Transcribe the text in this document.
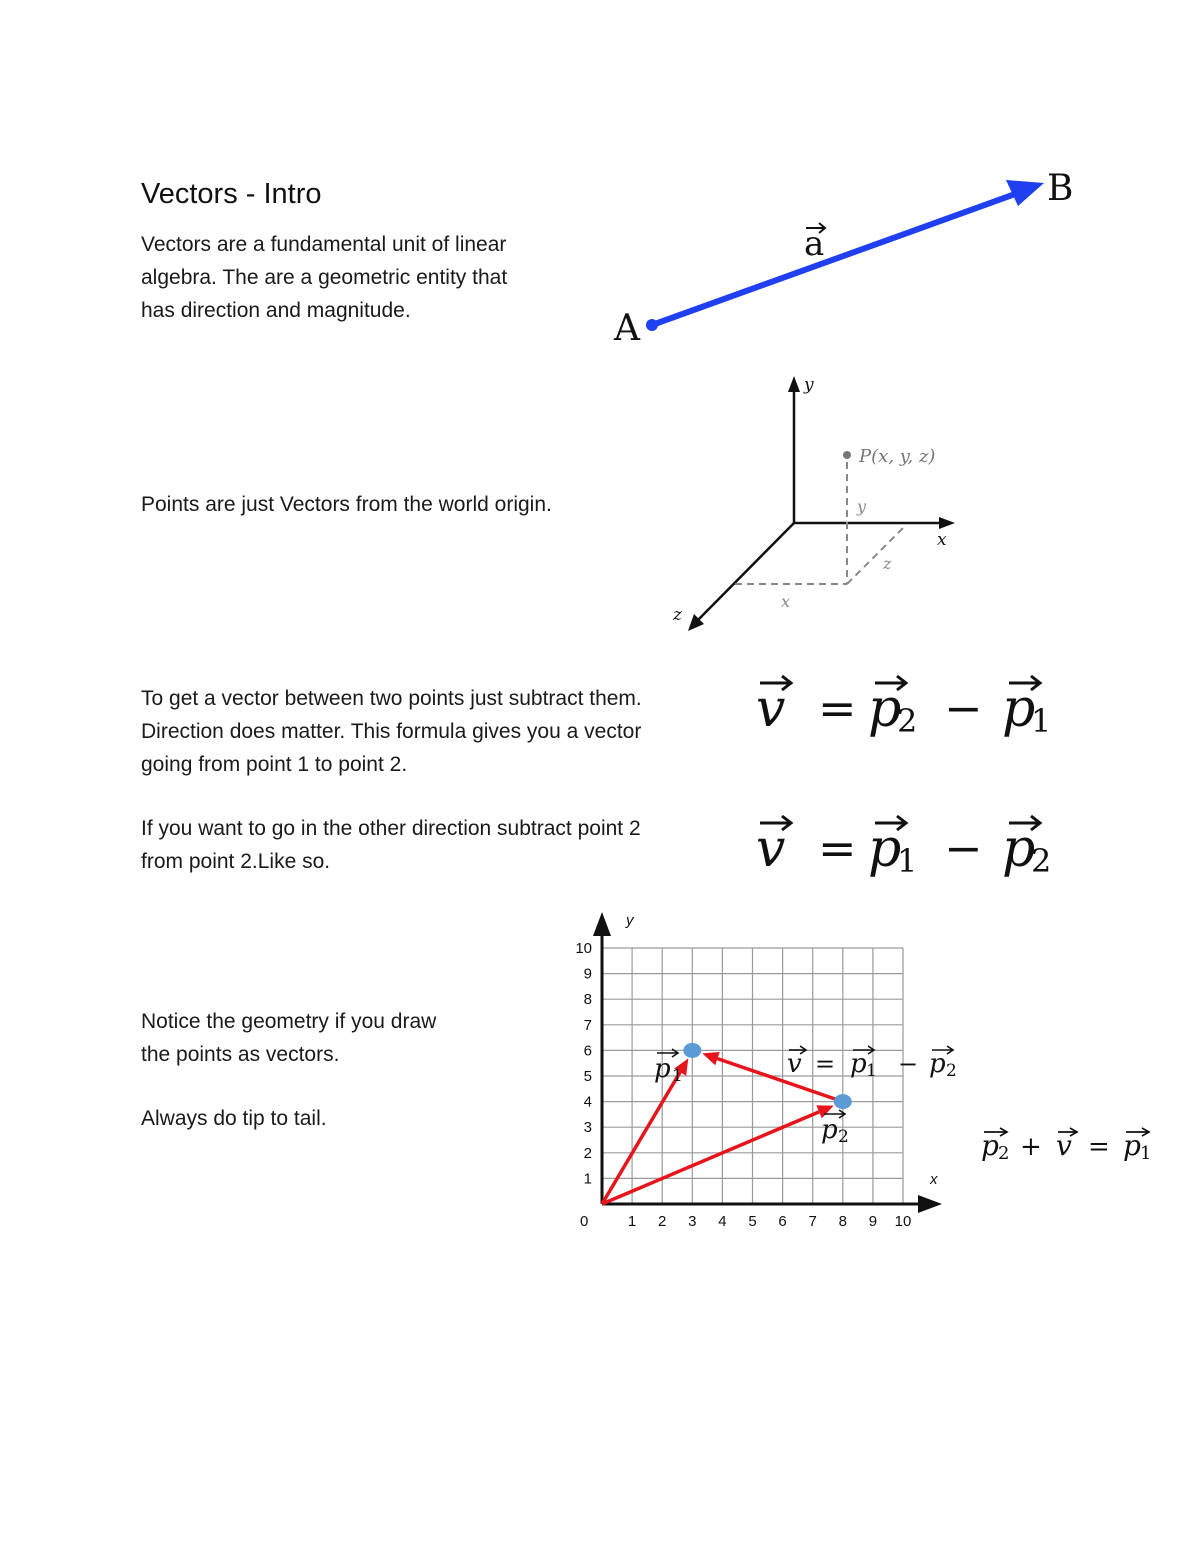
Vectors - Intro
Vectors are a fundamental unit of linear
algebra. The are a geometric entity that
has direction and magnitude.
Points are just Vectors from the world origin.
To get a vector between two points just subtract them.
Direction does matter. This formula gives you a vector
going from point 1 to point 2.
If you want to go in the other direction subtract point 2
from point 2.Like so.
Notice the geometry if you draw
the points as vectors.
Always do tip to tail.
A
B
a
P(x, y, z)
y
x
z
y
x
z
v = p
2 − p
1
v = p
1 − p
2
x
y
0	1 2 3 4 5 6 7 8 9 10
1
2
3
4
5
6
7
8
9
10
p 1
p 2
v = p 1 − p 2
p 2 + v = p 1
